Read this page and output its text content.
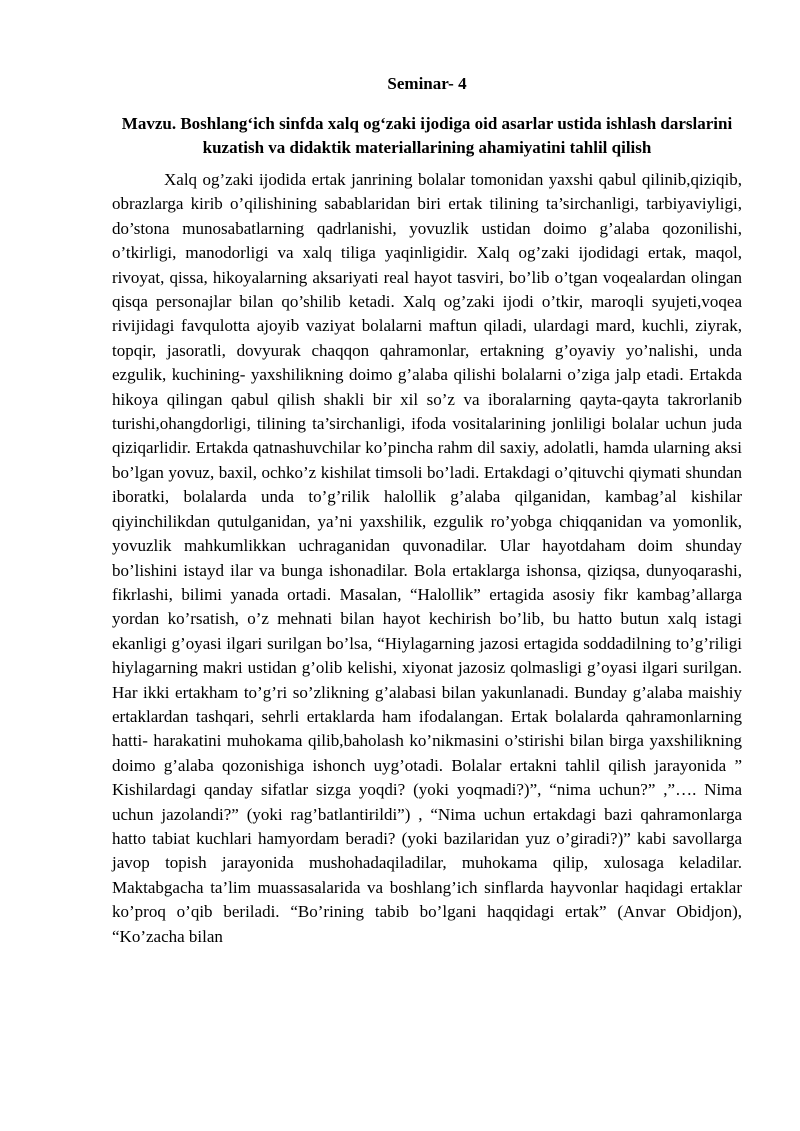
Seminar- 4
Mavzu. Boshlang‘ich sinfda xalq og‘zaki ijodiga oid asarlar ustida ishlash darslarini kuzatish va didaktik materiallarining ahamiyatini tahlil qilish

Xalq og’zaki ijodida ertak janrining bolalar tomonidan yaxshi qabul qilinib,qiziqib, obrazlarga kirib o’qilishining sabablaridan biri ertak tilining ta’sirchanligi, tarbiyaviyligi, do’stona munosabatlarning qadrlanishi, yovuzlik ustidan doimo g’alaba qozonilishi, o’tkirligi, manodorligi va xalq tiliga yaqinligidir. Xalq og’zaki ijodidagi ertak, maqol, rivoyat, qissa, hikoyalarning aksariyati real hayot tasviri, bo’lib o’tgan voqealardan olingan qisqa personajlar bilan qo’shilib ketadi. Xalq og’zaki ijodi o’tkir, maroqli syujeti,voqea rivijidagi favqulotta ajoyib vaziyat bolalarni maftun qiladi, ulardagi mard, kuchli, ziyrak, topqir, jasoratli, dovyurak chaqqon qahramonlar, ertakning g’oyaviy yo’nalishi, unda ezgulik, kuchining- yaxshilikning doimo g’alaba qilishi bolalarni o’ziga jalp etadi. Ertakda hikoya qilingan qabul qilish shakli bir xil so’z va iboralarning qayta-qayta takrorlanib turishi,ohangdorligi, tilining ta’sirchanligi, ifoda vositalarining jonliligi bolalar uchun juda qiziqarlidir. Ertakda qatnashuvchilar ko’pincha rahm dil saxiy, adolatli, hamda ularning aksi bo’lgan yovuz, baxil, ochko’z kishilat timsoli bo’ladi. Ertakdagi o’qituvchi qiymati shundan iboratki, bolalarda unda to’g’rilik halollik g’alaba qilganidan, kambag’al kishilar qiyinchilikdan qutulganidan, ya’ni yaxshilik, ezgulik ro’yobga chiqqanidan va yomonlik, yovuzlik mahkumlikkan uchraganidan quvonadilar. Ular hayotdaham doim shunday bo’lishini istayd ilar va bunga ishonadilar. Bola ertaklarga ishonsa, qiziqsa, dunyoqarashi, fikrlashi, bilimi yanada ortadi. Masalan, “Halollik” ertagida asosiy fikr kambag’allarga yordan ko’rsatish, o’z mehnati bilan hayot kechirish bo’lib, bu hatto butun xalq istagi ekanligi g’oyasi ilgari surilgan bo’lsa, “Hiylagarning jazosi ertagida soddadilning to’g’riligi hiylagarning makri ustidan g’olib kelishi, xiyonat jazosiz qolmasligi g’oyasi ilgari surilgan. Har ikki ertakham to’g’ri so’zlikning g’alabasi bilan yakunlanadi. Bunday g’alaba maishiy ertaklardan tashqari, sehrli ertaklarda ham ifodalangan. Ertak bolalarda qahramonlarning hatti- harakatini muhokama qilib,baholash ko’nikmasini o’stirishi bilan birga yaxshilikning doimo g’alaba qozonishiga ishonch uyg’otadi. Bolalar ertakni tahlil qilish jarayonida ” Kishilardagi qanday sifatlar sizga yoqdi? (yoki yoqmadi?)”, “nima uchun?” ,”…. Nima uchun jazolandi?” (yoki rag’batlantirildi”) , “Nima uchun ertakdagi bazi qahramonlarga hatto tabiat kuchlari hamyordam beradi? (yoki bazilaridan yuz o’giradi?)” kabi savollarga javop topish jarayonida mushohadaqiladilar, muhokama qilip, xulosaga keladilar. Maktabgacha ta’lim muassasalarida va boshlang’ich sinflarda hayvonlar haqidagi ertaklar ko’proq o’qib beriladi. “Bo’rining tabib bo’lgani haqqidagi ertak” (Anvar Obidjon), “Ko’zacha bilan
